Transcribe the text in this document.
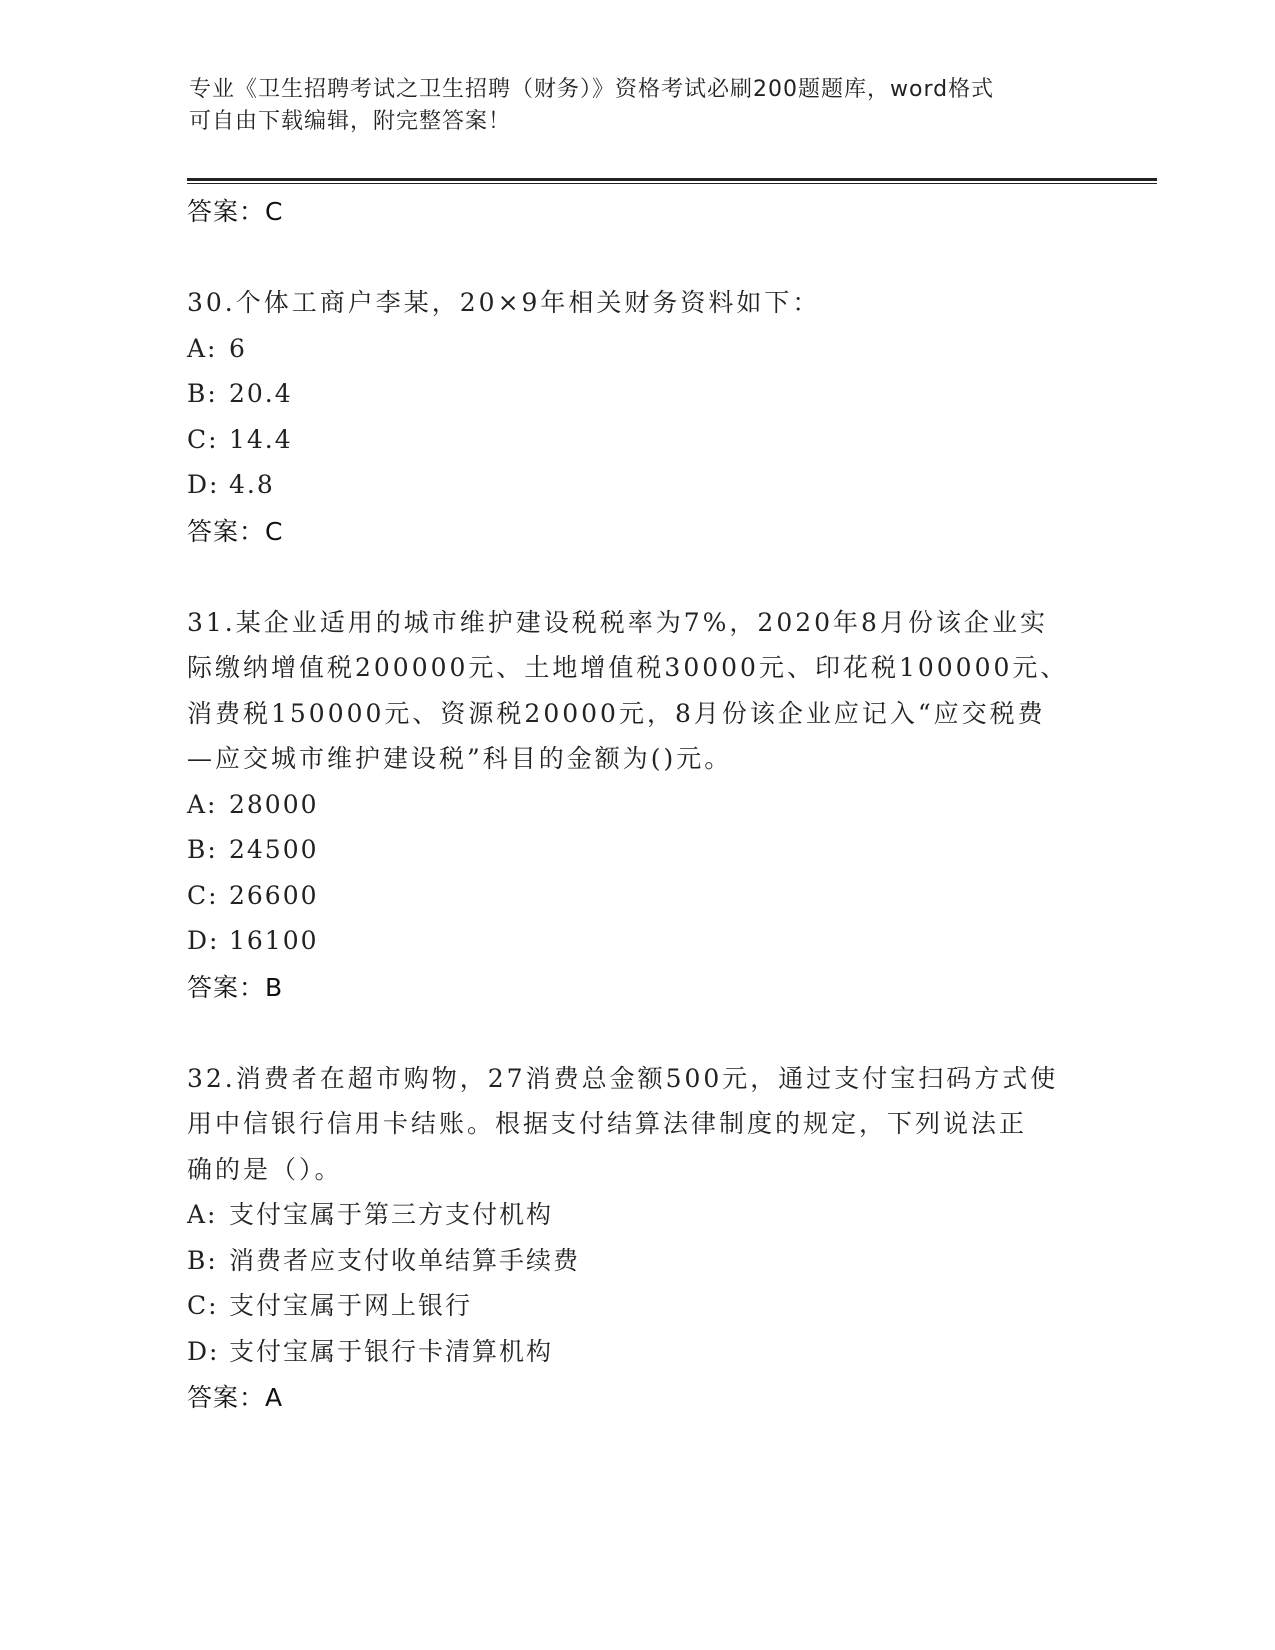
专业《卫生招聘考试之卫生招聘（财务）》资格考试必刷200题题库，word格式
可自由下载编辑，附完整答案！
答案：C
30.个体工商户李某，20×9年相关财务资料如下：
A: 6
B: 20.4
C: 14.4
D: 4.8
答案：C
31.某企业适用的城市维护建设税税率为7%，2020年8月份该企业实
际缴纳增值税200000元、土地增值税30000元、印花税100000元、
消费税150000元、资源税20000元，8月份该企业应记入“应交税费
—应交城市维护建设税”科目的金额为()元。
A: 28000
B: 24500
C: 26600
D: 16100
答案：B
32.消费者在超市购物，27消费总金额500元，通过支付宝扫码方式使
用中信银行信用卡结账。根据支付结算法律制度的规定，下列说法正
确的是（）。
A: 支付宝属于第三方支付机构
B: 消费者应支付收单结算手续费
C: 支付宝属于网上银行
D: 支付宝属于银行卡清算机构
答案：A
